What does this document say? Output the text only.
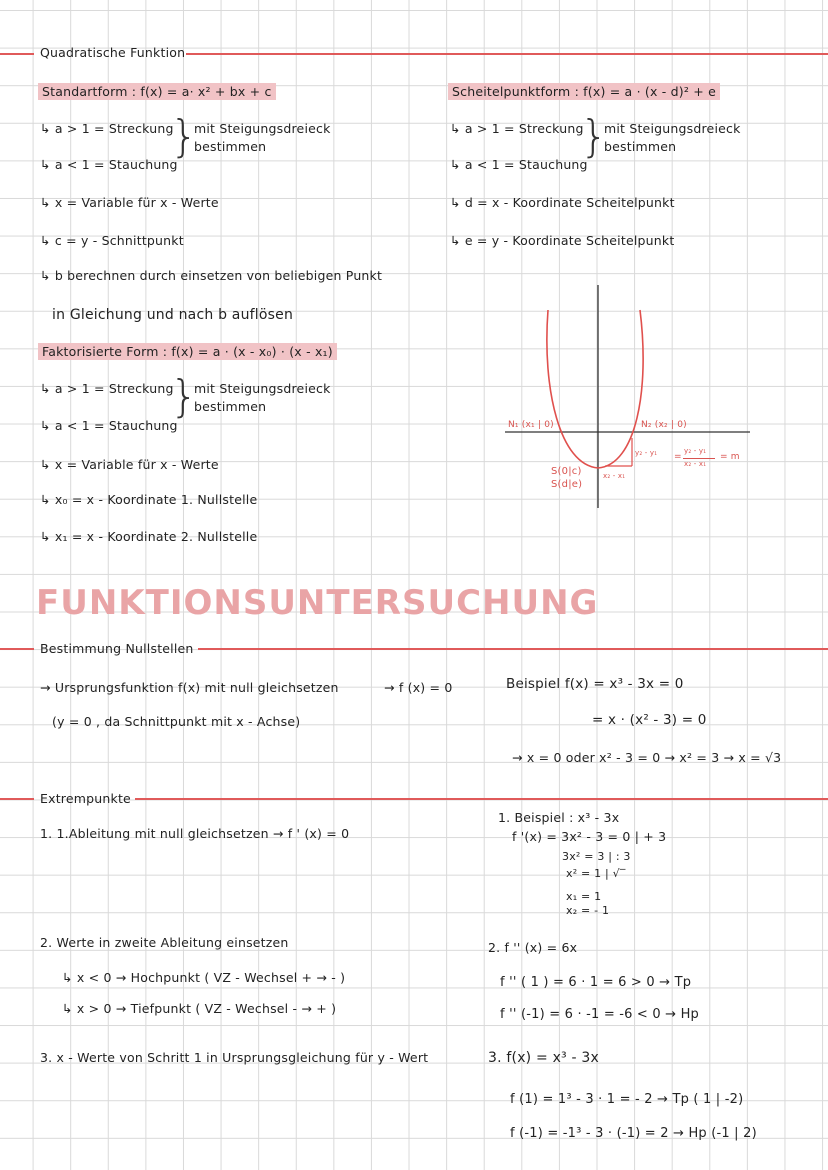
Quadratische Funktion
Standartform : f(x) = a· x² + bx + c
↳ a > 1 = Streckung
↳ a < 1 = Stauchung
}
mit Steigungsdreieck
bestimmen
↳ x = Variable für x - Werte
↳ c = y - Schnittpunkt
↳ b berechnen durch einsetzen von beliebigen Punkt
in Gleichung und nach b auflösen
Scheitelpunktform : f(x) = a · (x - d)² + e
↳ a > 1 = Streckung
↳ a < 1 = Stauchung
}
mit Steigungsdreieck
bestimmen
↳ d = x - Koordinate Scheitelpunkt
↳ e = y - Koordinate Scheitelpunkt
Faktorisierte Form : f(x) = a · (x - x₀) · (x - x₁)
↳ a > 1 = Streckung
↳ a < 1 = Stauchung
}
mit Steigungsdreieck
bestimmen
↳ x = Variable für x - Werte
↳ x₀ = x - Koordinate 1. Nullstelle
↳ x₁ = x - Koordinate 2. Nullstelle
N₁ (x₁ | 0)	N₂ (x₂ | 0)
S(0|c)
S(d|e)
y₂ - y₁
x₂ - x₁
=
y₂ - y₁
x₂ - x₁
= m
FUNKTIONSUNTERSUCHUNG
Bestimmung Nullstellen
→ Ursprungsfunktion f(x) mit null gleichsetzen	→ f (x) = 0
(y = 0 , da Schnittpunkt mit x - Achse)
Beispiel f(x) = x³ - 3x = 0
= x · (x² - 3) = 0
→ x = 0 oder x² - 3 = 0 → x² = 3 → x = √3
Extrempunkte
1. 1.Ableitung mit null gleichsetzen → f ' (x) = 0
2. Werte in zweite Ableitung einsetzen
↳ x < 0 → Hochpunkt ( VZ - Wechsel + → - )
↳ x > 0 → Tiefpunkt ( VZ - Wechsel - → + )
3. x - Werte von Schritt 1 in Ursprungsgleichung für y - Wert
1. Beispiel : x³ - 3x
f '(x) = 3x² - 3 = 0 | + 3
3x² = 3 | : 3
x² = 1 | √‾
x₁ = 1
x₂ = - 1
2. f '' (x) = 6x
f '' ( 1 ) = 6 · 1 = 6 > 0 → Tp
f '' (-1) = 6 · -1 = -6 < 0 → Hp
3. f(x) = x³ - 3x
f (1) = 1³ - 3 · 1 = - 2 → Tp ( 1 | -2)
f (-1) = -1³ - 3 · (-1) = 2 → Hp (-1 | 2)
